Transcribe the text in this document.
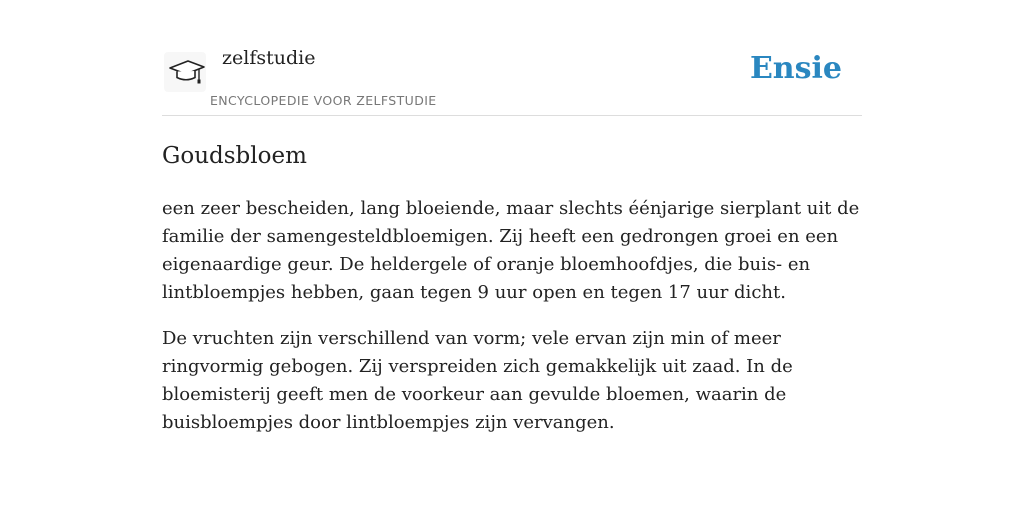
zelfstudie
ENCYCLOPEDIE VOOR ZELFSTUDIE
Ensie
Goudsbloem

een zeer bescheiden, lang bloeiende, maar slechts éénjarige sierplant uit de familie der samengesteldbloemigen. Zij heeft een gedrongen groei en een eigenaardige geur. De heldergele of oranje bloemhoofdjes, die buis- en lintbloempjes hebben, gaan tegen 9 uur open en tegen 17 uur dicht.

De vruchten zijn verschillend van vorm; vele ervan zijn min of meer ringvormig gebogen. Zij verspreiden zich gemakkelijk uit zaad. In de bloemisterij geeft men de voorkeur aan gevulde bloemen, waarin de buisbloempjes door lintbloempjes zijn vervangen.
